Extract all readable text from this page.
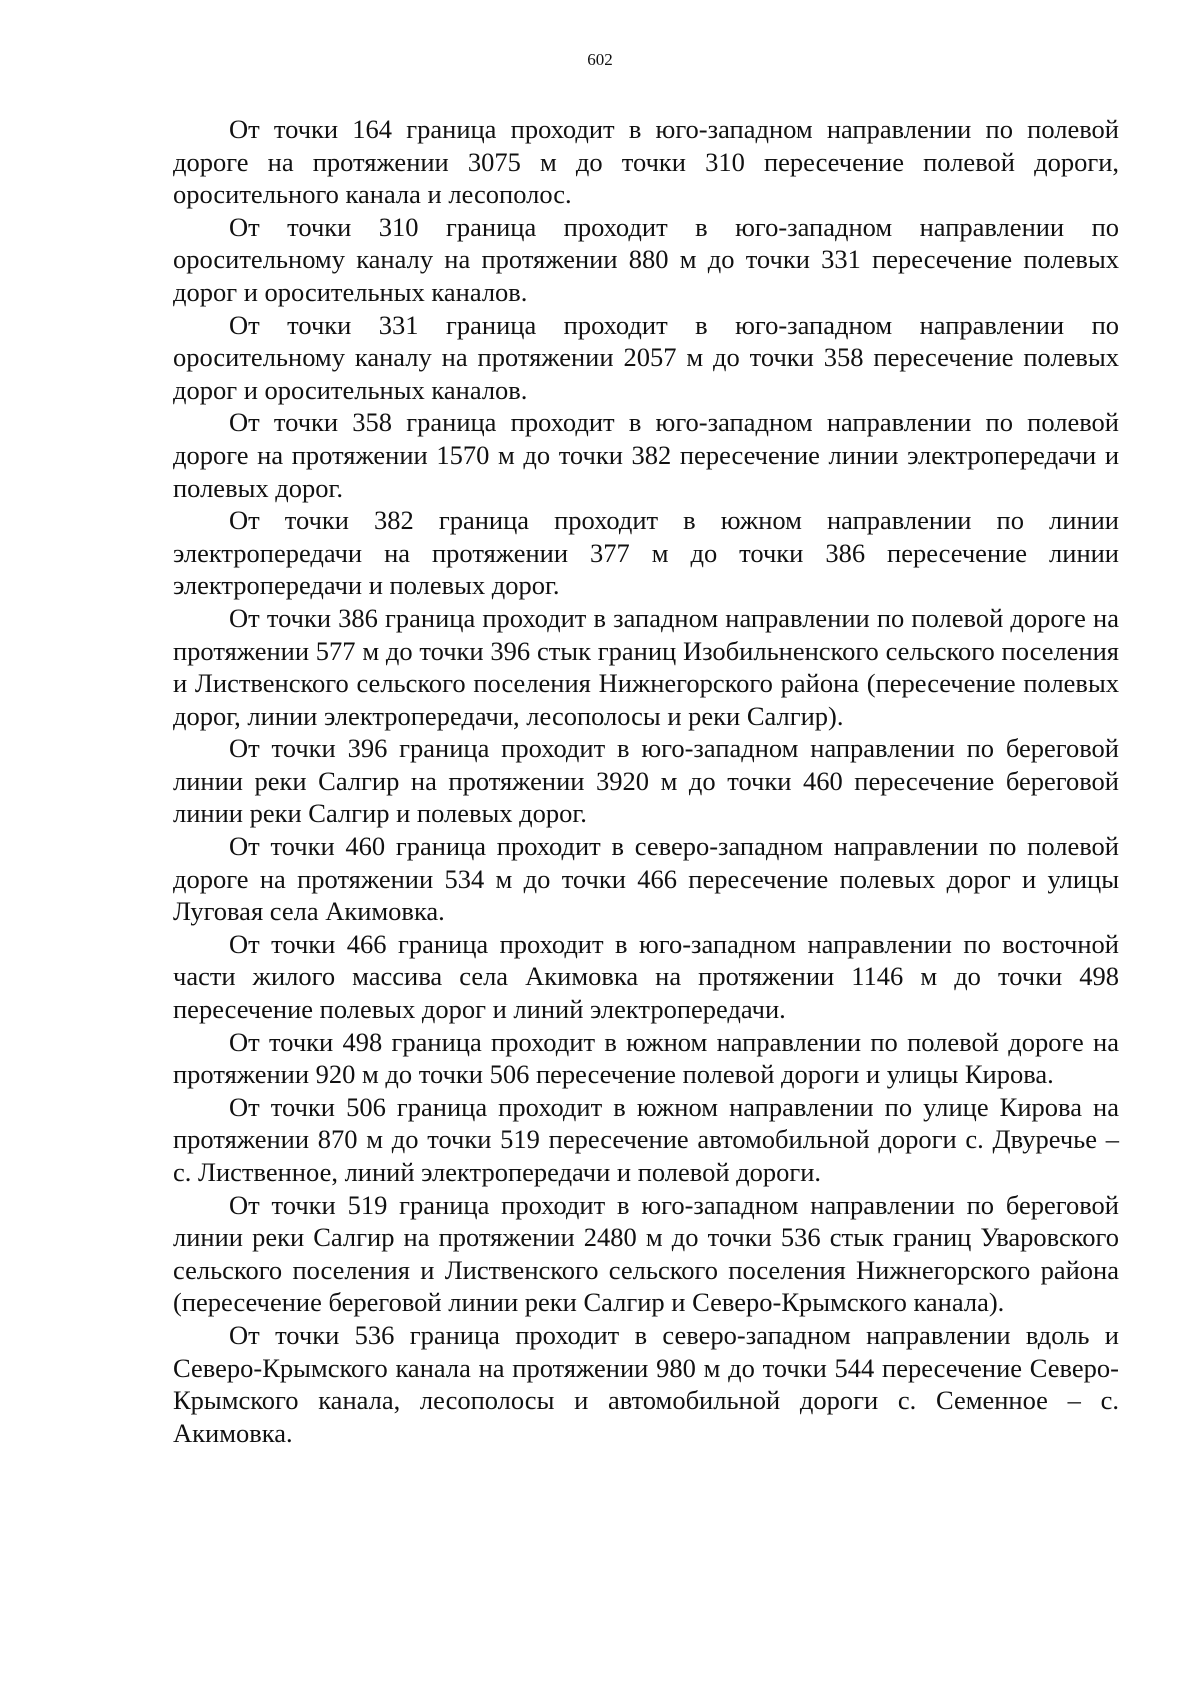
602

От точки 164 граница проходит в юго-западном направлении по полевой дороге на протяжении 3075 м до точки 310 пересечение полевой дороги, оросительного канала и лесополос.

От точки 310 граница проходит в юго-западном направлении по оросительному каналу на протяжении 880 м до точки 331 пересечение полевых дорог и оросительных каналов.

От точки 331 граница проходит в юго-западном направлении по оросительному каналу на протяжении 2057 м до точки 358 пересечение полевых дорог и оросительных каналов.

От точки 358 граница проходит в юго-западном направлении по полевой дороге на протяжении 1570 м до точки 382 пересечение линии электропередачи и полевых дорог.

От точки 382 граница проходит в южном направлении по линии электропередачи на протяжении 377 м до точки 386 пересечение линии электропередачи и полевых дорог.

От точки 386 граница проходит в западном направлении по полевой дороге на протяжении 577 м до точки 396 стык границ Изобильненского сельского поселения и Лиственского сельского поселения Нижнегорского района (пересечение полевых дорог, линии электропередачи, лесополосы и реки Салгир).

От точки 396 граница проходит в юго-западном направлении по береговой линии реки Салгир на протяжении 3920 м до точки 460 пересечение береговой линии реки Салгир и полевых дорог.

От точки 460 граница проходит в северо-западном направлении по полевой дороге на протяжении 534 м до точки 466 пересечение полевых дорог и улицы Луговая села Акимовка.

От точки 466 граница проходит в юго-западном направлении по восточной части жилого массива села Акимовка на протяжении 1146 м до точки 498 пересечение полевых дорог и линий электропередачи.

От точки 498 граница проходит в южном направлении по полевой дороге на протяжении 920 м до точки 506 пересечение полевой дороги и улицы Кирова.

От точки 506 граница проходит в южном направлении по улице Кирова на протяжении 870 м до точки 519 пересечение автомобильной дороги с. Двуречье – с. Лиственное, линий электропередачи и полевой дороги.

От точки 519 граница проходит в юго-западном направлении по береговой линии реки Салгир на протяжении 2480 м до точки 536 стык границ Уваровского сельского поселения и Лиственского сельского поселения Нижнегорского района (пересечение береговой линии реки Салгир и Северо-Крымского канала).

От точки 536 граница проходит в северо-западном направлении вдоль и Северо-Крымского канала на протяжении 980 м до точки 544 пересечение Северо-Крымского канала, лесополосы и автомобильной дороги с. Семенное – с. Акимовка.
